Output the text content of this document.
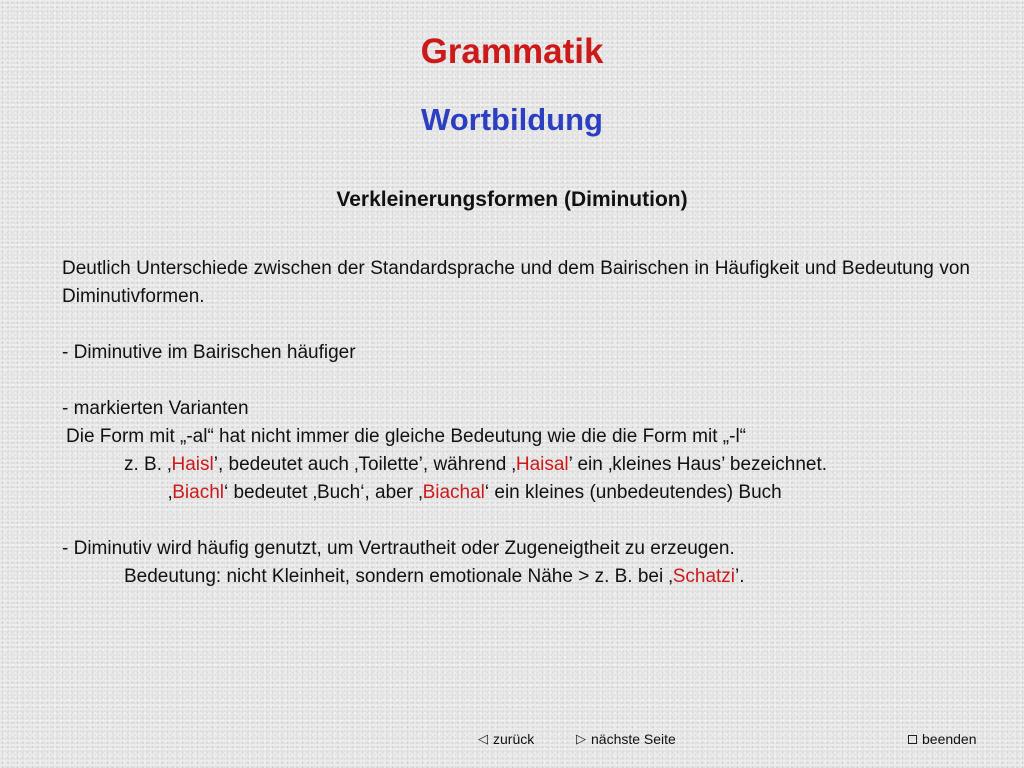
Grammatik
Wortbildung
Verkleinerungsformen (Diminution)

Deutlich Unterschiede zwischen der Standardsprache und dem Bairischen in Häufigkeit und Bedeutung von Diminutivformen.

- Diminutive im Bairischen häufiger

- markierten Varianten

Die Form mit „-al“ hat nicht immer die gleiche Bedeutung wie die die Form mit „-l“

z. B. ‚Haisl’, bedeutet auch ‚Toilette’, während ‚Haisal’ ein ‚kleines Haus’ bezeichnet.

‚Biachl‘ bedeutet ‚Buch‘, aber ‚Biachal‘ ein kleines (unbedeutendes) Buch

- Diminutiv wird häufig genutzt, um Vertrautheit oder Zugeneigtheit zu erzeugen.

Bedeutung: nicht Kleinheit, sondern emotionale Nähe > z. B. bei ‚Schatzi’.

◁ zurück	▷ nächste Seite	beenden
